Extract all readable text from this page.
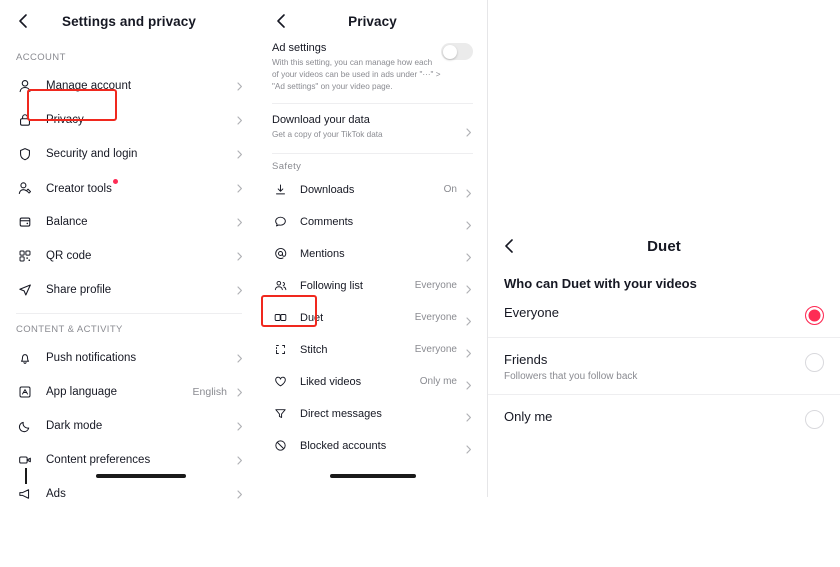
Settings and privacy
ACCOUNT
Manage account
Privacy
Security and login
Creator tools
Balance
QR code
Share profile
CONTENT & ACTIVITY
Push notifications
App language	English
Dark mode
Content preferences
Ads
Privacy
Ad settings
With this setting, you can manage how each of your videos can be used in ads under "···" > "Ad settings" on your video page.
Download your data
Get a copy of your TikTok data
Safety
Downloads	On
Comments
Mentions
Following list	Everyone
Duet	Everyone
Stitch	Everyone
Liked videos	Only me
Direct messages
Blocked accounts
Duet
Who can Duet with your videos
Everyone
Friends
Followers that you follow back
Only me
